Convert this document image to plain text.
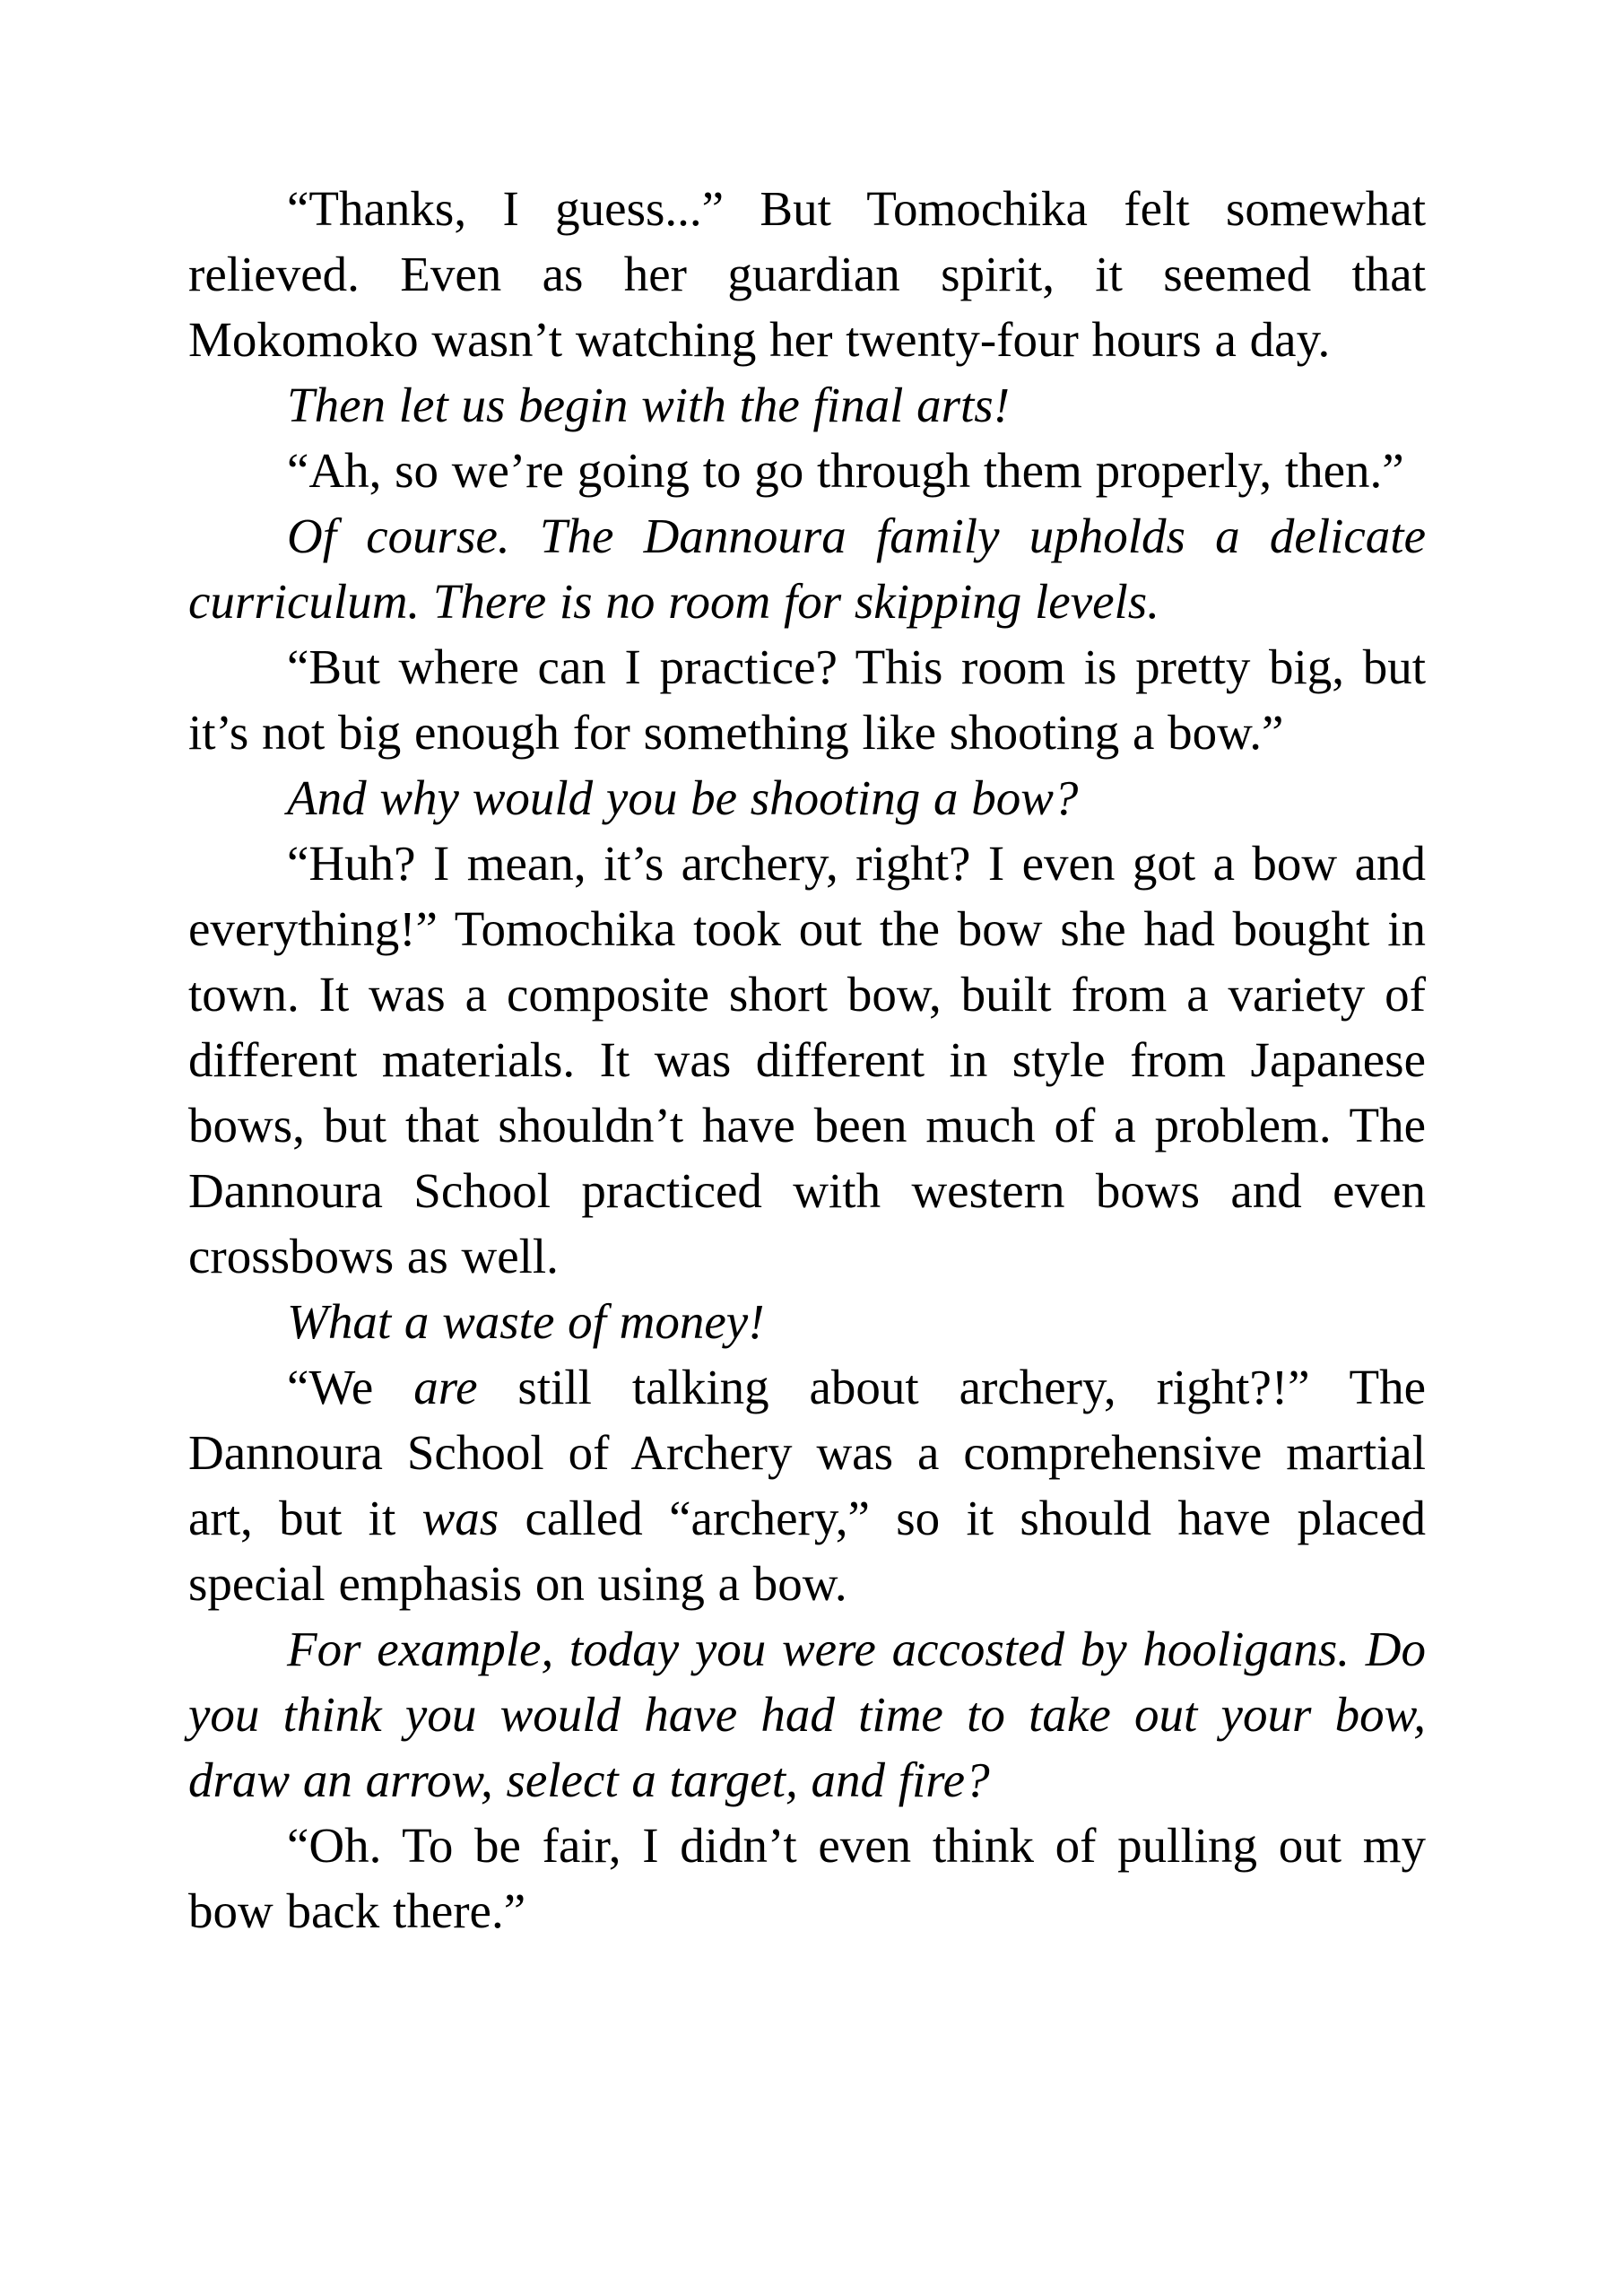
“Thanks, I guess...” But Tomochika felt somewhat relieved. Even as her guardian spirit, it seemed that Mokomoko wasn’t watching her twenty-four hours a day.

Then let us begin with the final arts!

“Ah, so we’re going to go through them properly, then.”

Of course. The Dannoura family upholds a delicate curriculum. There is no room for skipping levels.

“But where can I practice? This room is pretty big, but it’s not big enough for something like shooting a bow.”

And why would you be shooting a bow?

“Huh? I mean, it’s archery, right? I even got a bow and everything!” Tomochika took out the bow she had bought in town. It was a composite short bow, built from a variety of different materials. It was different in style from Japanese bows, but that shouldn’t have been much of a problem. The Dannoura School practiced with western bows and even crossbows as well.

What a waste of money!

“We are still talking about archery, right?!” The Dannoura School of Archery was a comprehensive martial art, but it was called “archery,” so it should have placed special emphasis on using a bow.

For example, today you were accosted by hooligans. Do you think you would have had time to take out your bow, draw an arrow, select a target, and fire?

“Oh. To be fair, I didn’t even think of pulling out my bow back there.”
